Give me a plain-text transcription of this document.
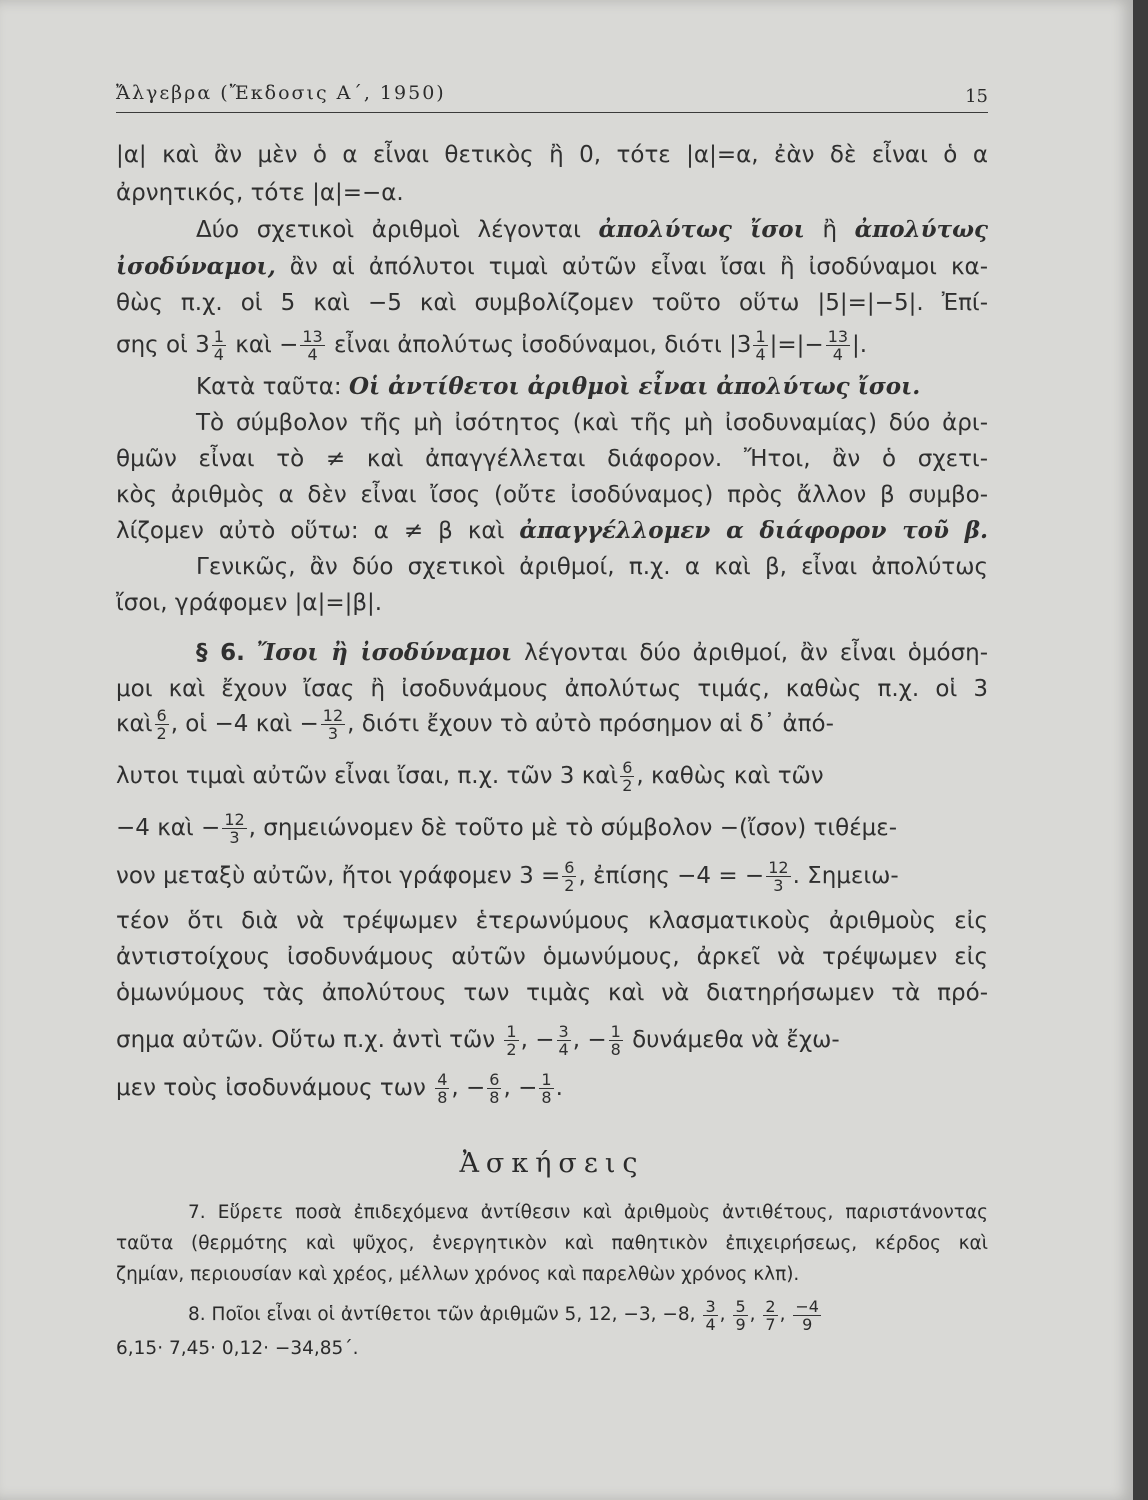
Ἄλγεβρα (Ἔκδοσις Α΄, 1950)	15
|α| καὶ ἂν μὲν ὁ α εἶναι θετικὸς ἢ 0, τότε |α|=α, ἐὰν δὲ εἶναι ὁ α
ἀρνητικός, τότε |α|=−α.
Δύο σχετικοὶ ἀριθμοὶ λέγονται ἀπολύτως ἴσοι ἢ ἀπολύτως
ἰσοδύναμοι, ἂν αἱ ἀπόλυτοι τιμαὶ αὐτῶν εἶναι ἴσαι ἢ ἰσοδύναμοι κα-
θὼς π.χ. οἱ 5 καὶ −5 καὶ συμβολίζομεν τοῦτο οὕτω |5|=|−5|. Ἐπί-
σης οἱ $3 \frac{1}{4}$ καὶ − $\frac{13}{4}$ εἶναι ἀπολύτως ἰσοδύναμοι, διότι $|3 \frac{1}{4}$ |=|− $\frac{13}{4}$ |.
Κατὰ ταῦτα: Οἱ ἀντίθετοι ἀριθμοὶ εἶναι ἀπολύτως ἴσοι.
Τὸ σύμβολον τῆς μὴ ἰσότητος (καὶ τῆς μὴ ἰσοδυναμίας) δύο ἀρι-
θμῶν εἶναι τὸ ≠ καὶ ἀπαγγέλλεται διάφορον. Ἤτοι, ἂν ὁ σχετι-
κὸς ἀριθμὸς α δὲν εἶναι ἴσος (οὔτε ἰσοδύναμος) πρὸς ἄλλον β συμβο-
λίζομεν αὐτὸ οὕτω: α ≠ β καὶ ἀπαγγέλλομεν α διάφορον τοῦ β.
Γενικῶς, ἂν δύο σχετικοὶ ἀριθμοί, π.χ. α καὶ β, εἶναι ἀπολύτως
ἴσοι, γράφομεν |α|=|β|.
§ 6. Ἴσοι ἢ ἰσοδύναμοι λέγονται δύο ἀριθμοί, ἂν εἶναι ὁμόση-
μοι καὶ ἔχουν ἴσας ἢ ἰσοδυνάμους ἀπολύτως τιμάς, καθὼς π.χ. οἱ 3
καὶ $\frac{6}{2}$ , οἱ −4 καὶ − $\frac{12}{3}$ , διότι ἔχουν τὸ αὐτὸ πρόσημον αἱ δ᾽ ἀπό-
λυτοι τιμαὶ αὐτῶν εἶναι ἴσαι, π.χ. τῶν 3 καὶ $\frac{6}{2}$ , καθὼς καὶ τῶν
−4 καὶ − $\frac{12}{3}$ , σημειώνομεν δὲ τοῦτο μὲ τὸ σύμβολον −(ἴσον) τιθέμε-
νον μεταξὺ αὐτῶν, ἤτοι γράφομεν $3 = \frac{6}{2}$ , ἐπίσης −4 = − $\frac{12}{3}$ . Σημειω-
τέον ὅτι διὰ νὰ τρέψωμεν ἑτερωνύμους κλασματικοὺς ἀριθμοὺς εἰς
ἀντιστοίχους ἰσοδυνάμους αὐτῶν ὁμωνύμους, ἀρκεῖ νὰ τρέψωμεν εἰς
ὁμωνύμους τὰς ἀπολύτους των τιμὰς καὶ νὰ διατηρήσωμεν τὰ πρό-
σημα αὐτῶν. Οὕτω π.χ. ἀντὶ τῶν $\frac{1}{2}$ , − $\frac{3}{4}$ , − $\frac{1}{8}$ δυνάμεθα νὰ ἔχω-
μεν τοὺς ἰσοδυνάμους των $\frac{4}{8}$ , − $\frac{6}{8}$ , − $\frac{1}{8}$ .
Ἀσκήσεις
7. Εὕρετε ποσὰ ἐπιδεχόμενα ἀντίθεσιν καὶ ἀριθμοὺς ἀντιθέτους, παριστάνοντας
ταῦτα (θερμότης καὶ ψῦχος, ἐνεργητικὸν καὶ παθητικὸν ἐπιχειρήσεως, κέρδος καὶ
ζημίαν, περιουσίαν καὶ χρέος, μέλλων χρόνος καὶ παρελθὼν χρόνος κλπ).
8. Ποῖοι εἶναι οἱ ἀντίθετοι τῶν ἀριθμῶν 5, 12, −3, −8, $\frac{3}{4}$ , $\frac{5}{9}$ , $\frac{2}{7}$ , $\frac{-4}{9}$
6,15· 7,45· 0,12· −34,85΄.
